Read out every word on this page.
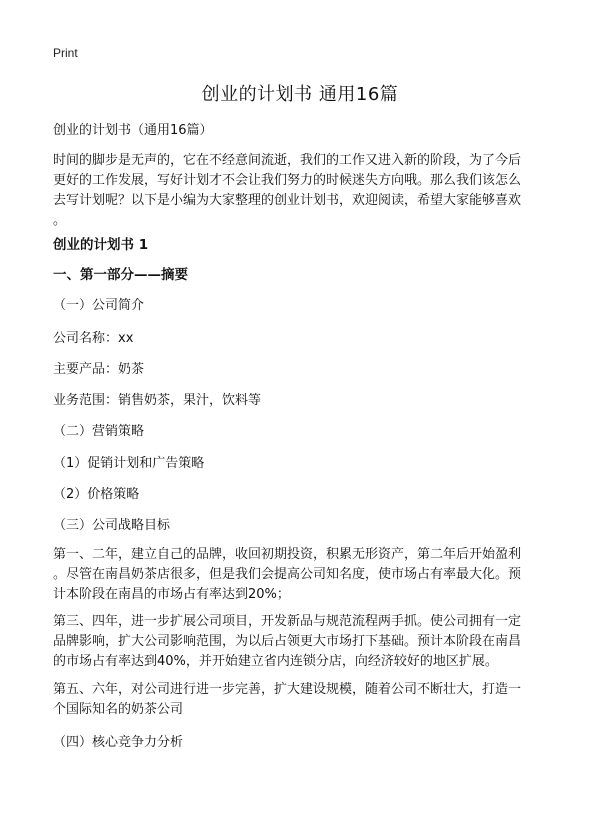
Print
创业的计划书 通用16篇
创业的计划书（通用16篇）
时间的脚步是无声的，它在不经意间流逝，我们的工作又进入新的阶段，为了今后
更好的工作发展，写好计划才不会让我们努力的时候迷失方向哦。那么我们该怎么
去写计划呢？以下是小编为大家整理的创业计划书，欢迎阅读，希望大家能够喜欢
。
创业的计划书 1
一、第一部分——摘要
（一）公司简介
公司名称：xx
主要产品：奶茶
业务范围：销售奶茶，果汁，饮料等
（二）营销策略
（1）促销计划和广告策略
（2）价格策略
（三）公司战略目标
第一、二年，建立自己的品牌，收回初期投资，积累无形资产，第二年后开始盈利
。尽管在南昌奶茶店很多，但是我们会提高公司知名度，使市场占有率最大化。预
计本阶段在南昌的市场占有率达到20%；
第三、四年，进一步扩展公司项目，开发新品与规范流程两手抓。使公司拥有一定
品牌影响，扩大公司影响范围，为以后占领更大市场打下基础。预计本阶段在南昌
的市场占有率达到40%，并开始建立省内连锁分店，向经济较好的地区扩展。
第五、六年，对公司进行进一步完善，扩大建设规模，随着公司不断壮大，打造一
个国际知名的奶茶公司
（四）核心竞争力分析
